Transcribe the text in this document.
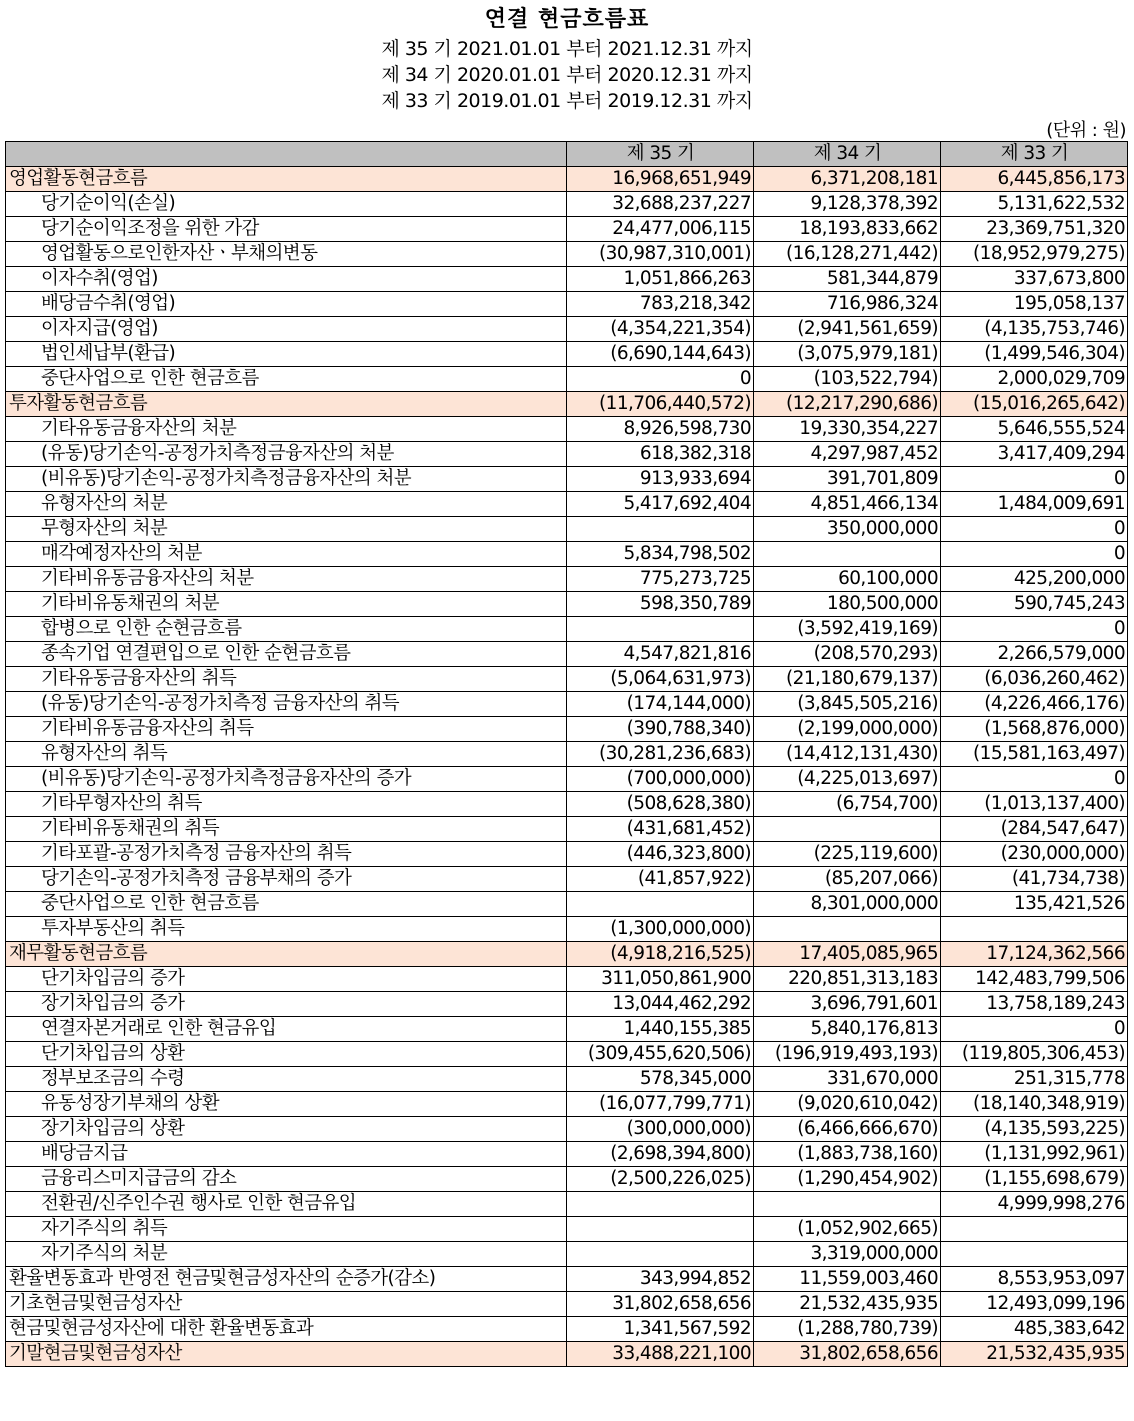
연결 현금흐름표
제 35 기 2021.01.01 부터 2021.12.31 까지
제 34 기 2020.01.01 부터 2020.12.31 까지
제 33 기 2019.01.01 부터 2019.12.31 까지
(단위 : 원)
	제 35 기	제 34 기	제 33 기
영업활동현금흐름	16,968,651,949	6,371,208,181	6,445,856,173
당기순이익(손실)	32,688,237,227	9,128,378,392	5,131,622,532
당기순이익조정을 위한 가감	24,477,006,115	18,193,833,662	23,369,751,320
영업활동으로인한자산ㆍ부채의변동	(30,987,310,001)	(16,128,271,442)	(18,952,979,275)
이자수취(영업)	1,051,866,263	581,344,879	337,673,800
배당금수취(영업)	783,218,342	716,986,324	195,058,137
이자지급(영업)	(4,354,221,354)	(2,941,561,659)	(4,135,753,746)
법인세납부(환급)	(6,690,144,643)	(3,075,979,181)	(1,499,546,304)
중단사업으로 인한 현금흐름	0	(103,522,794)	2,000,029,709
투자활동현금흐름	(11,706,440,572)	(12,217,290,686)	(15,016,265,642)
기타유동금융자산의 처분	8,926,598,730	19,330,354,227	5,646,555,524
(유동)당기손익-공정가치측정금융자산의 처분	618,382,318	4,297,987,452	3,417,409,294
(비유동)당기손익-공정가치측정금융자산의 처분	913,933,694	391,701,809	0
유형자산의 처분	5,417,692,404	4,851,466,134	1,484,009,691
무형자산의 처분		350,000,000	0
매각예정자산의 처분	5,834,798,502		0
기타비유동금융자산의 처분	775,273,725	60,100,000	425,200,000
기타비유동채권의 처분	598,350,789	180,500,000	590,745,243
합병으로 인한 순현금흐름		(3,592,419,169)	0
종속기업 연결편입으로 인한 순현금흐름	4,547,821,816	(208,570,293)	2,266,579,000
기타유동금융자산의 취득	(5,064,631,973)	(21,180,679,137)	(6,036,260,462)
(유동)당기손익-공정가치측정 금융자산의 취득	(174,144,000)	(3,845,505,216)	(4,226,466,176)
기타비유동금융자산의 취득	(390,788,340)	(2,199,000,000)	(1,568,876,000)
유형자산의 취득	(30,281,236,683)	(14,412,131,430)	(15,581,163,497)
(비유동)당기손익-공정가치측정금융자산의 증가	(700,000,000)	(4,225,013,697)	0
기타무형자산의 취득	(508,628,380)	(6,754,700)	(1,013,137,400)
기타비유동채권의 취득	(431,681,452)		(284,547,647)
기타포괄-공정가치측정 금융자산의 취득	(446,323,800)	(225,119,600)	(230,000,000)
당기손익-공정가치측정 금융부채의 증가	(41,857,922)	(85,207,066)	(41,734,738)
중단사업으로 인한 현금흐름		8,301,000,000	135,421,526
투자부동산의 취득	(1,300,000,000)		
재무활동현금흐름	(4,918,216,525)	17,405,085,965	17,124,362,566
단기차입금의 증가	311,050,861,900	220,851,313,183	142,483,799,506
장기차입금의 증가	13,044,462,292	3,696,791,601	13,758,189,243
연결자본거래로 인한 현금유입	1,440,155,385	5,840,176,813	0
단기차입금의 상환	(309,455,620,506)	(196,919,493,193)	(119,805,306,453)
정부보조금의 수령	578,345,000	331,670,000	251,315,778
유동성장기부채의 상환	(16,077,799,771)	(9,020,610,042)	(18,140,348,919)
장기차입금의 상환	(300,000,000)	(6,466,666,670)	(4,135,593,225)
배당금지급	(2,698,394,800)	(1,883,738,160)	(1,131,992,961)
금융리스미지급금의 감소	(2,500,226,025)	(1,290,454,902)	(1,155,698,679)
전환권/신주인수권 행사로 인한 현금유입			4,999,998,276
자기주식의 취득		(1,052,902,665)	
자기주식의 처분		3,319,000,000	
환율변동효과 반영전 현금및현금성자산의 순증가(감소)	343,994,852	11,559,003,460	8,553,953,097
기초현금및현금성자산	31,802,658,656	21,532,435,935	12,493,099,196
현금및현금성자산에 대한 환율변동효과	1,341,567,592	(1,288,780,739)	485,383,642
기말현금및현금성자산	33,488,221,100	31,802,658,656	21,532,435,935
